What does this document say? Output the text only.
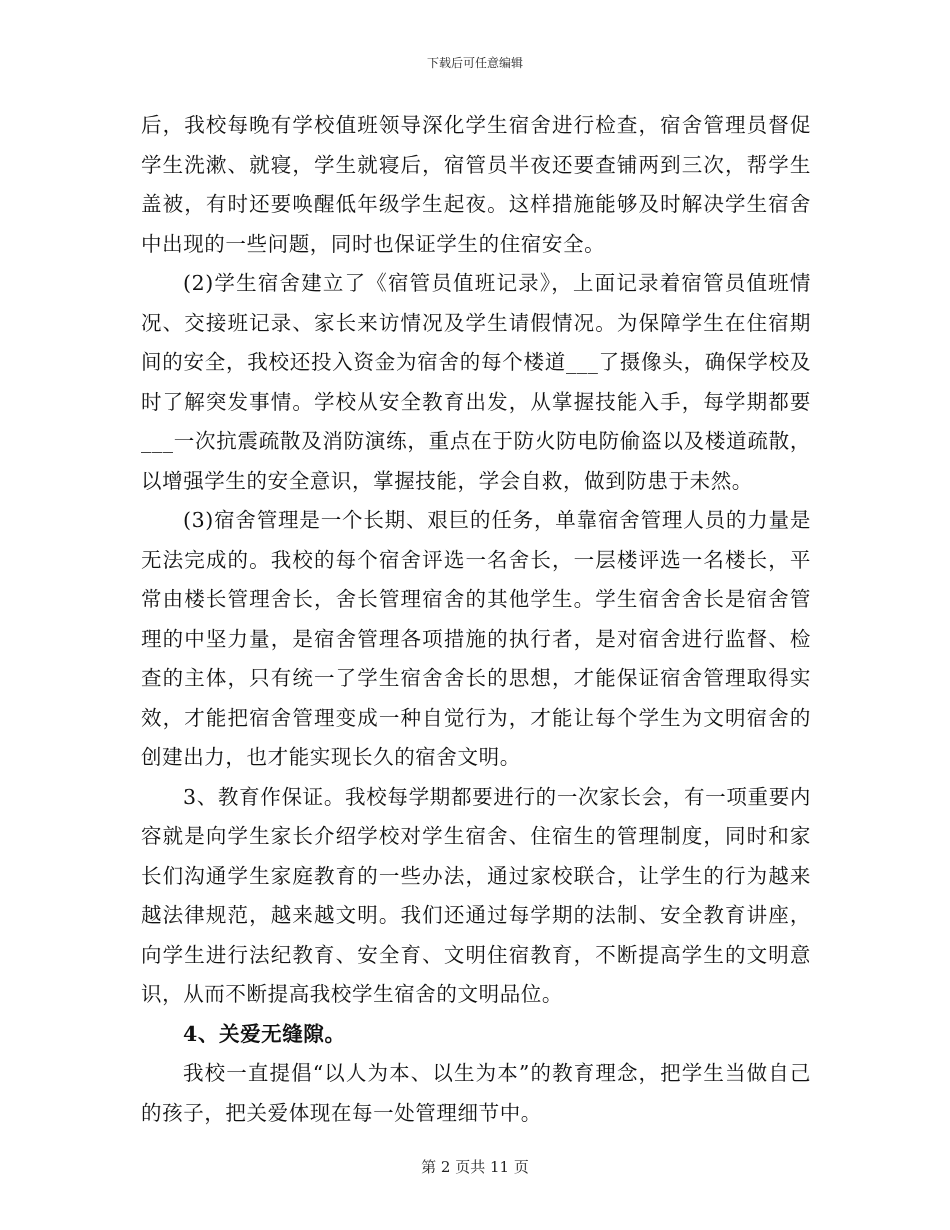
下载后可任意编辑

后，我校每晚有学校值班领导深化学生宿舍进行检查，宿舍管理员督促学生洗漱、就寝，学生就寝后，宿管员半夜还要查铺两到三次，帮学生盖被，有时还要唤醒低年级学生起夜。这样措施能够及时解决学生宿舍中出现的一些问题，同时也保证学生的住宿安全。

(2)学生宿舍建立了《宿管员值班记录》，上面记录着宿管员值班情况、交接班记录、家长来访情况及学生请假情况。为保障学生在住宿期间的安全，我校还投入资金为宿舍的每个楼道___了摄像头，确保学校及时了解突发事情。学校从安全教育出发，从掌握技能入手，每学期都要___一次抗震疏散及消防演练，重点在于防火防电防偷盗以及楼道疏散，以增强学生的安全意识，掌握技能，学会自救，做到防患于未然。

(3)宿舍管理是一个长期、艰巨的任务，单靠宿舍管理人员的力量是无法完成的。我校的每个宿舍评选一名舍长，一层楼评选一名楼长，平常由楼长管理舍长，舍长管理宿舍的其他学生。学生宿舍舍长是宿舍管理的中坚力量，是宿舍管理各项措施的执行者，是对宿舍进行监督、检查的主体，只有统一了学生宿舍舍长的思想，才能保证宿舍管理取得实效，才能把宿舍管理变成一种自觉行为，才能让每个学生为文明宿舍的创建出力，也才能实现长久的宿舍文明。

3、教育作保证。我校每学期都要进行的一次家长会，有一项重要内容就是向学生家长介绍学校对学生宿舍、住宿生的管理制度，同时和家长们沟通学生家庭教育的一些办法，通过家校联合，让学生的行为越来越法律规范，越来越文明。我们还通过每学期的法制、安全教育讲座，向学生进行法纪教育、安全育、文明住宿教育，不断提高学生的文明意识，从而不断提高我校学生宿舍的文明品位。

4、关爱无缝隙。

我校一直提倡“以人为本、以生为本”的教育理念，把学生当做自己的孩子，把关爱体现在每一处管理细节中。

第 2 页共 11 页
